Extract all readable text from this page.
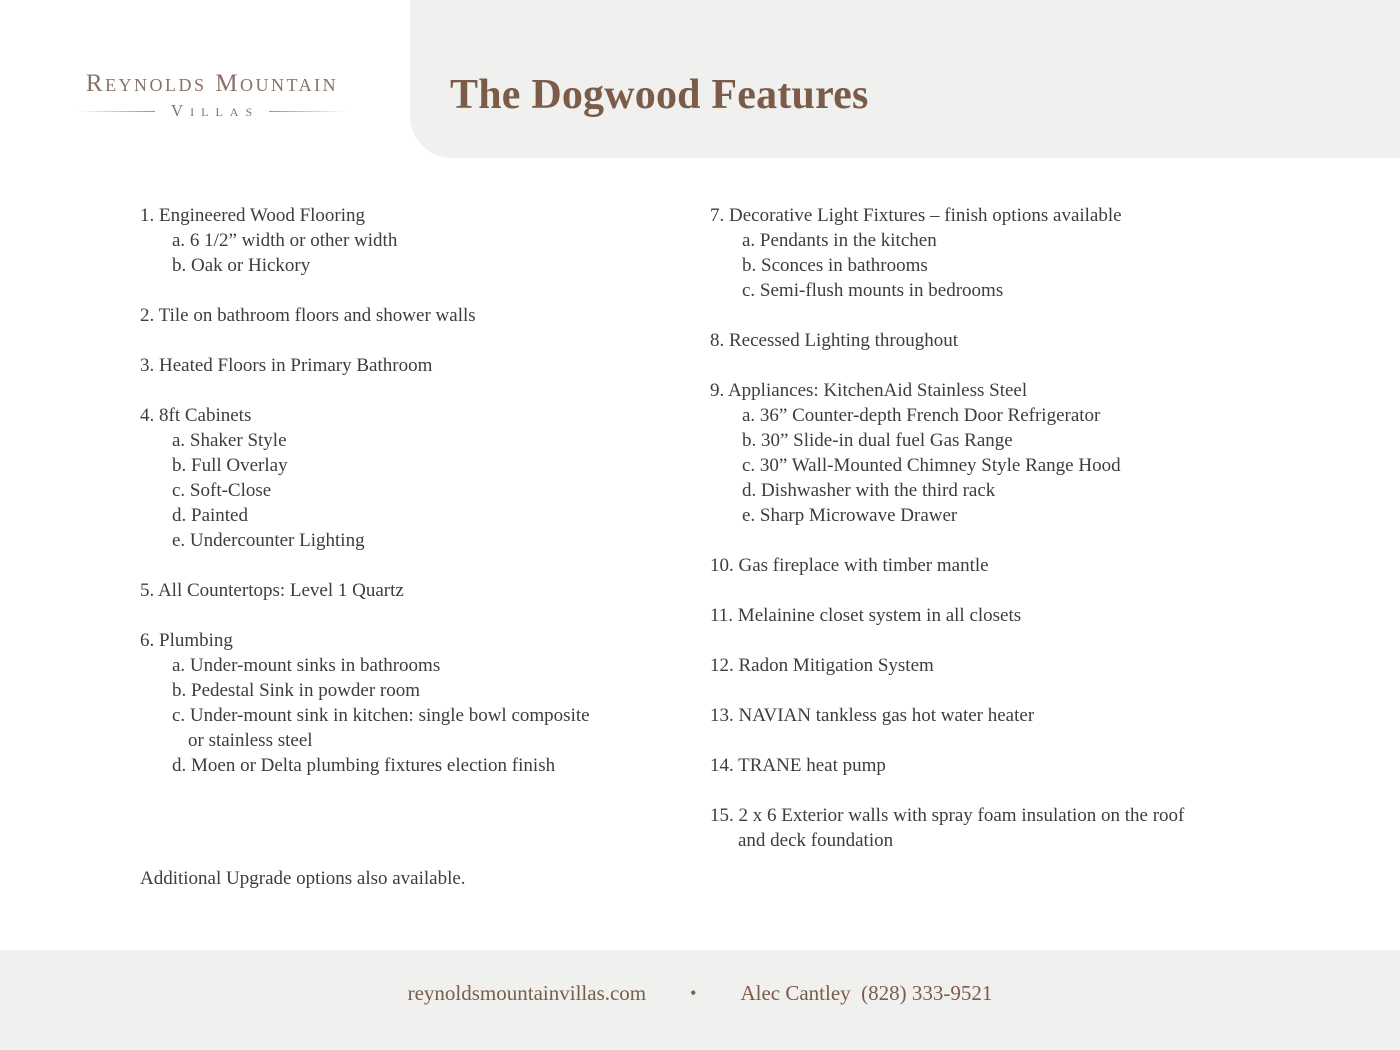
The Dogwood Features
Reynolds Mountain
Villas
1. Engineered Wood Flooring
a. 6 1/2” width or other width
b. Oak or Hickory
2. Tile on bathroom floors and shower walls
3. Heated Floors in Primary Bathroom
4. 8ft Cabinets
a. Shaker Style
b. Full Overlay
c. Soft-Close
d. Painted
e. Undercounter Lighting
5. All Countertops: Level 1 Quartz
6. Plumbing
a. Under-mount sinks in bathrooms
b. Pedestal Sink in powder room
c. Under-mount sink in kitchen: single bowl composite
or stainless steel
d. Moen or Delta plumbing fixtures election finish
7. Decorative Light Fixtures – finish options available
a. Pendants in the kitchen
b. Sconces in bathrooms
c. Semi-flush mounts in bedrooms
8. Recessed Lighting throughout
9. Appliances: KitchenAid Stainless Steel
a. 36” Counter-depth French Door Refrigerator
b. 30” Slide-in dual fuel Gas Range
c. 30” Wall-Mounted Chimney Style Range Hood
d. Dishwasher with the third rack
e. Sharp Microwave Drawer
10. Gas fireplace with timber mantle
11. Melainine closet system in all closets
12. Radon Mitigation System
13. NAVIAN tankless gas hot water heater
14. TRANE heat pump
15. 2 x 6 Exterior walls with spray foam insulation on the roof
and deck foundation
Additional Upgrade options also available.
reynoldsmountainvillas.com • Alec Cantley  (828) 333-9521
